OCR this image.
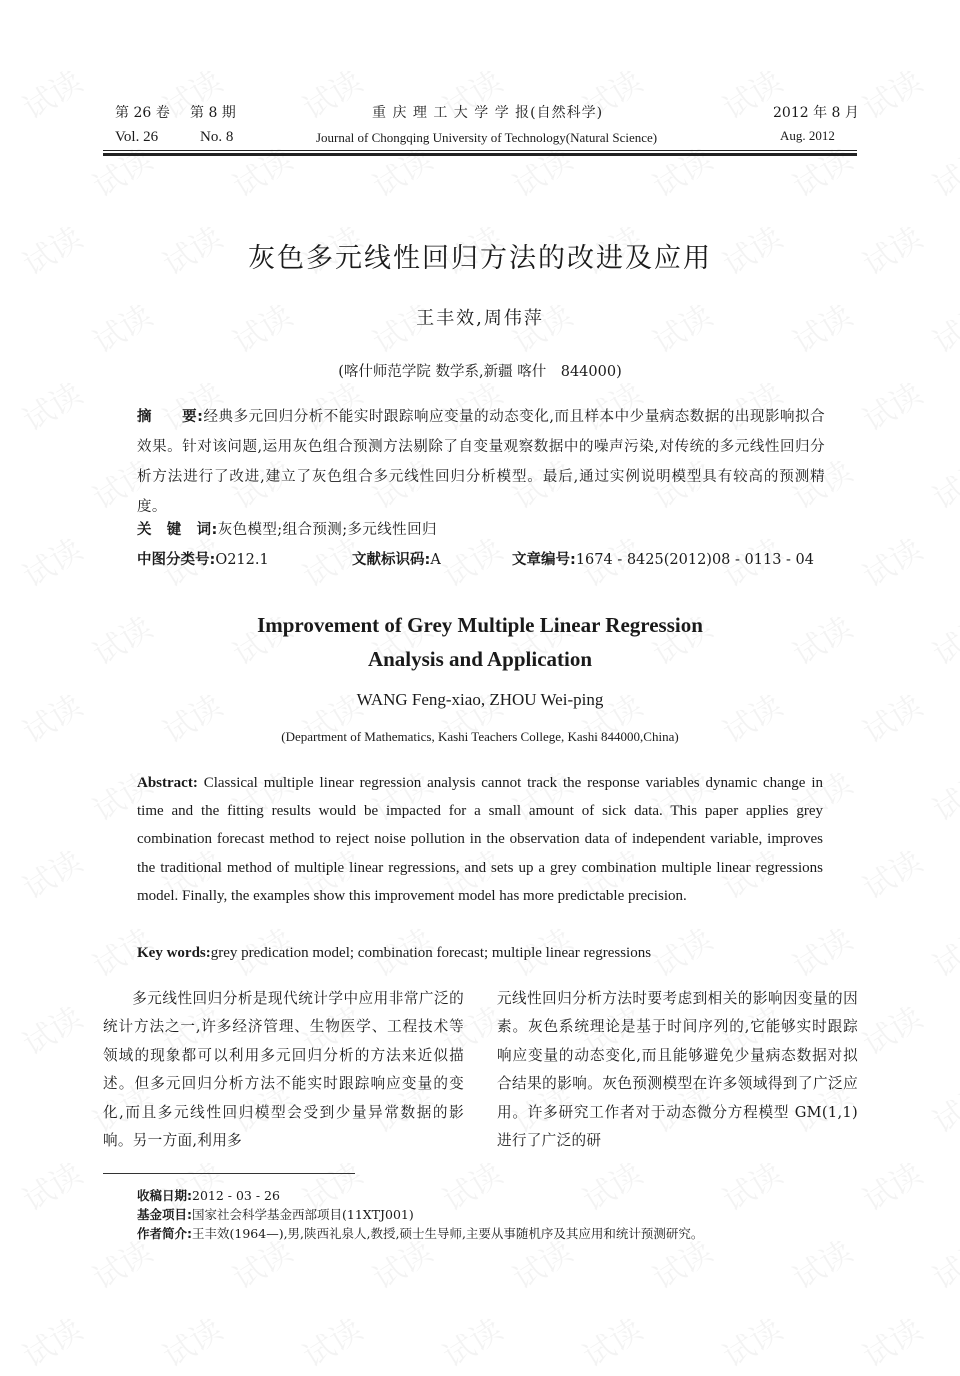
第 26 卷 第 8 期	重 庆 理 工 大 学 学 报(自然科学)	2012 年 8 月
Vol. 26	No. 8	Journal of Chongqing University of Technology(Natural Science)	Aug. 2012
灰色多元线性回归方法的改进及应用
王丰效,周伟萍
(喀什师范学院 数学系,新疆 喀什　844000)
摘　　要:经典多元回归分析不能实时跟踪响应变量的动态变化,而且样本中少量病态数据的出现影响拟合效果。针对该问题,运用灰色组合预测方法剔除了自变量观察数据中的噪声污染,对传统的多元线性回归分析方法进行了改进,建立了灰色组合多元线性回归分析模型。最后,通过实例说明模型具有较高的预测精度。
关　键　词:灰色模型;组合预测;多元线性回归
中图分类号:O212.1	文献标识码:A	文章编号:1674 - 8425(2012)08 - 0113 - 04
Improvement of Grey Multiple Linear Regression
Analysis and Application
WANG Feng-xiao, ZHOU Wei-ping
(Department of Mathematics, Kashi Teachers College, Kashi 844000,China)
Abstract: Classical multiple linear regression analysis cannot track the response variables dynamic change in time and the fitting results would be impacted for a small amount of sick data. This paper applies grey combination forecast method to reject noise pollution in the observation data of independent variable, improves the traditional method of multiple linear regressions, and sets up a grey combination multiple linear regressions model. Finally, the examples show this improvement model has more predictable precision.
Key words:grey predication model; combination forecast; multiple linear regressions
多元线性回归分析是现代统计学中应用非常广泛的统计方法之一,许多经济管理、生物医学、工程技术等领域的现象都可以利用多元回归分析的方法来近似描述。但多元回归分析方法不能实时跟踪响应变量的变化,而且多元线性回归模型会受到少量异常数据的影响。另一方面,利用多
元线性回归分析方法时要考虑到相关的影响因变量的因素。灰色系统理论是基于时间序列的,它能够实时跟踪响应变量的动态变化,而且能够避免少量病态数据对拟合结果的影响。灰色预测模型在许多领域得到了广泛应用。许多研究工作者对于动态微分方程模型 GM(1,1)进行了广泛的研
收稿日期:2012 - 03 - 26
基金项目:国家社会科学基金西部项目(11XTJ001)
作者简介:王丰效(1964—),男,陕西礼泉人,教授,硕士生导师,主要从事随机序及其应用和统计预测研究。
